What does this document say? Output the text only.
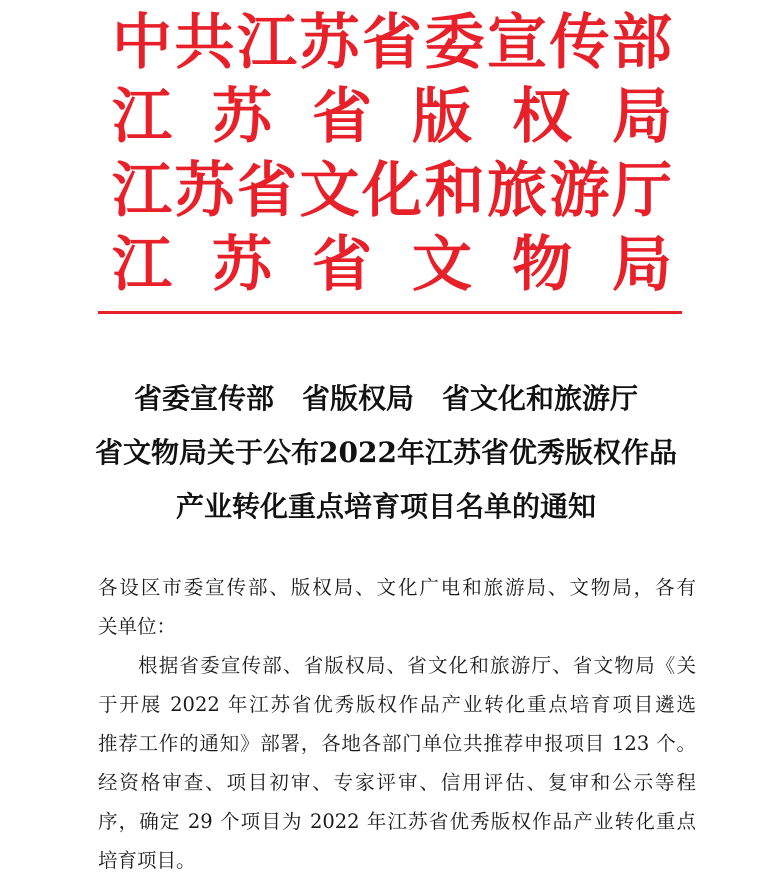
中 共 江 苏 省 委 宣 传 部
江 苏 省 版 权 局
江 苏 省 文 化 和 旅 游 厅
江 苏 省 文 物 局
省委宣传部　省版权局　省文化和旅游厅
省文物局关于公布2022年江苏省优秀版权作品
产业转化重点培育项目名单的通知
各设区市委宣传部、版权局、文化广电和旅游局、文物局，各有
关单位：
根据省委宣传部、省版权局、省文化和旅游厅、省文物局《关
于开展 2022 年江苏省优秀版权作品产业转化重点培育项目遴选
推荐工作的通知》部署，各地各部门单位共推荐申报项目 123 个。
经资格审查、项目初审、专家评审、信用评估、复审和公示等程
序，确定 29 个项目为 2022 年江苏省优秀版权作品产业转化重点
培育项目。
